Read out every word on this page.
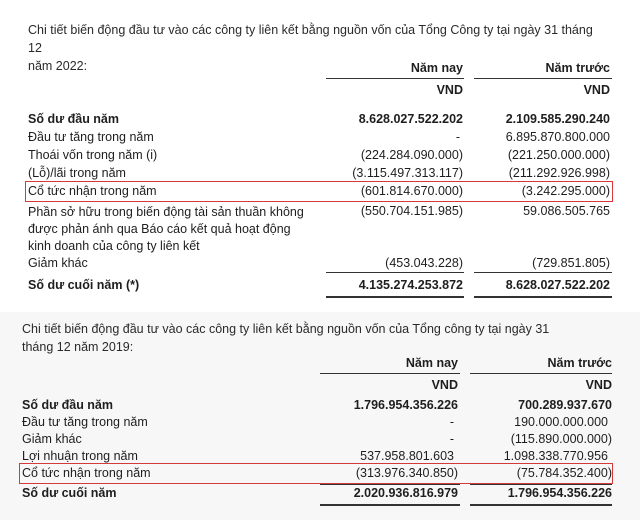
Chi tiết biến động đầu tư vào các công ty liên kết bằng nguồn vốn của Tổng Công ty tại ngày 31 tháng 12
năm 2022:	Năm nay	Năm trước
VND	VND
Số dư đầu năm	8.628.027.522.202	2.109.585.290.240
Đầu tư tăng trong năm	-	6.895.870.800.000
Thoái vốn trong năm (i)	(224.284.090.000)	(221.250.000.000)
(Lỗ)/lãi trong năm	(3.115.497.313.117)	(211.292.926.998)
Cổ tức nhận trong năm	(601.814.670.000)	(3.242.295.000)
Phần sở hữu trong biến động tài sản thuần không
được phản ánh qua Báo cáo kết quả hoạt động
kinh doanh của công ty liên kết
(550.704.151.985)	59.086.505.765
Giảm khác	(453.043.228)	(729.851.805)
Số dư cuối năm (*)	4.135.274.253.872	8.628.027.522.202
Chi tiết biến động đầu tư vào các công ty liên kết bằng nguồn vốn của Tổng công ty tại ngày 31
tháng 12 năm 2019:
Năm nay	Năm trước
VND	VND
Số dư đầu năm	1.796.954.356.226	700.289.937.670
Đầu tư tăng trong năm	-	190.000.000.000
Giảm khác	-	(115.890.000.000)
Lợi nhuận trong năm	537.958.801.603	1.098.338.770.956
Cổ tức nhận trong năm	(313.976.340.850)	(75.784.352.400)
Số dư cuối năm	2.020.936.816.979	1.796.954.356.226
